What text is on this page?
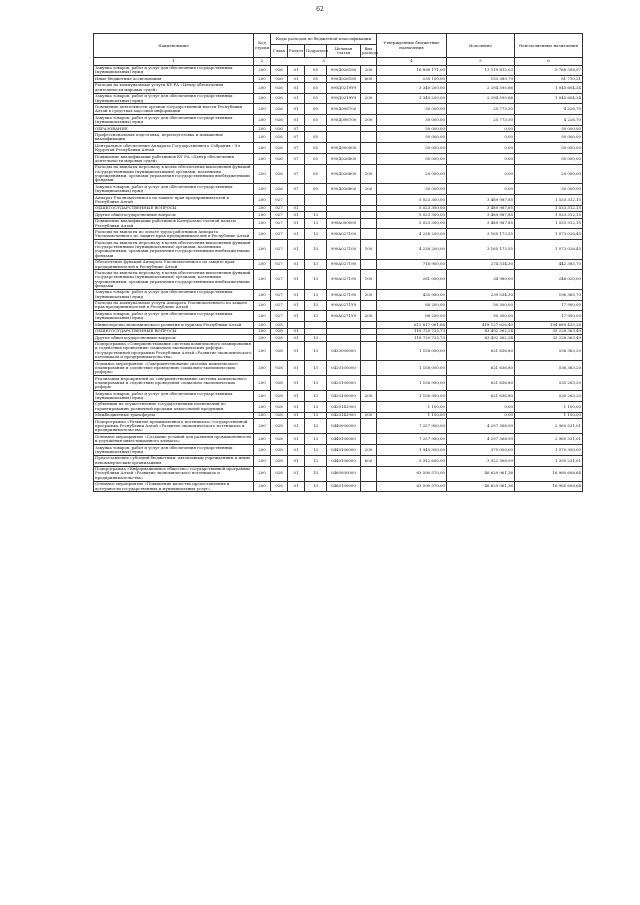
62
Наименование	Код строки	Коды расходов по бюджетной классификации					Утвержденные бюджетные назначения	Исполнено	Неисполненные назначения
		Глава	Раздел	Подраздел	Целевая статья	Вид расхода			
1	2	3					4	5	6
Закупка товаров, работ и услуг для обеспечения государственных (муниципальных) нужд	200	926	01	05	990Д026180	200	16 898 171,00	13 119 812,03	3 768 358,97
Иные бюджетные ассигнования	200	926	01	05	990Д026180	800	235 100,00	153 389,79	81 710,21
Расходы на коммунальные услуги КУ РА «Центр обеспечения деятельности мировых судей»	200	926	01	05	990Д0219У9		3 340 200,00	2 294 595,66	1 045 604,34
Закупка товаров, работ и услуг для обеспечения государственных (муниципальных) нужд	200	926	01	05	990Д0219У9	200	3 340 200,00	2 294 595,66	1 045 604,34
Освещение деятельности органов государственной власти Республики Алтай в средствах массовой информации	200	926	01	05	990Д098700		30 000,00	25 773,30	4 226,70
Закупка товаров, работ и услуг для обеспечения государственных (муниципальных) нужд	200	926	01	05	990Д098700	200	30 000,00	25 773,30	4 226,70
ОБРАЗОВАНИЕ	200	926	07				50 000,00	0,00	50 000,00
Профессиональная подготовка, переподготовка и повышение квалификации	200	926	07	05			50 000,00	0,00	50 000,00
Центральное обеспечение Аппарата Государственного Собрания - Эл Курултай Республики Алтай	200	926	07	05	990Д000000		50 000,00	0,00	50 000,00
Повышение квалификации работников КУ РА «Центр обеспечения деятельности мировых судей»	200	926	07	05	990Д026800		50 000,00	0,00	50 000,00
Расходы на выплаты персоналу в целях обеспечения выполнения функций государственными (муниципальными) органами, казенными учреждениями, органами управления государственными внебюджетными фондами	200	926	07	05	990Д026800	100	20 000,00	0,00	20 000,00
Закупка товаров, работ и услуг для обеспечения государственных (муниципальных) нужд	200	926	07	05	990Д026800	200	30 000,00	0,00	30 000,00
Аппарат Уполномоченного по защите прав предпринимателей в Республике Алтай	200	927					5 023 300,00	3 489 987,85	1 533 312,15
ОБЩЕГОСУДАРСТВЕННЫЕ ВОПРОСЫ	200	927	01				5 023 300,00	3 489 987,85	1 533 312,15
Другие общегосударственные вопросы	200	927	01	13			5 023 300,00	3 489 987,85	1 533 312,15
Повышение квалификации работников Контрольно-счетной палаты Республики Алтай	200	927	01	13	990А000000		5 023 300,00	3 489 987,85	1 533 312,15
Расходы на выплаты по оплате труда работников Аппарата Уполномоченного по защите прав предпринимателей в Республике Алтай	200	927	01	13	990А027100		4 238 200,00	3 165 173,55	1 073 026,45
Расходы на выплаты персоналу в целях обеспечения выполнения функций государственными (муниципальными) органами, казенными учреждениями, органами управления государственными внебюджетными фондами	200	927	01	13	990А027100	100	4 238 200,00	3 165 173,55	1 073 026,45
Обеспечение функций Аппарата Уполномоченного по защите прав предпринимателей в Республике Алтай	200	927	01	13	990А027190		716 900,00	274 514,30	442 385,70
Расходы на выплаты персоналу в целях обеспечения выполнения функций государственными (муниципальными) органами, казенными учреждениями, органами управления государственными внебюджетными фондами	200	927	01	13	990А027190	100	281 000,00	34 980,00	246 020,00
Закупка товаров, работ и услуг для обеспечения государственных (муниципальных) нужд	200	927	01	13	990А027190	200	435 900,00	239 534,30	196 365,70
Расходы на коммунальные услуги Аппарата Уполномоченного по защите прав предпринимателей в Республике Алтай	200	927	01	13	990А0271У9		68 200,00	50 300,00	17 900,00
Закупка товаров, работ и услуг для обеспечения государственных (муниципальных) нужд	200	927	01	13	990А0271У9	200	68 200,00	50 300,00	17 900,00
Министерство экономического развития и туризма Республики Алтай	200	928					612 817 061,66	418 127 626,40	194 689 435,26
ОБЩЕГОСУДАРСТВЕННЫЕ ВОПРОСЫ	200	928	01				118 720 725,73	83 492 362,24	35 228 363,49
Другие общегосударственные вопросы	200	928	01	13			118 720 725,73	83 492 362,24	35 228 363,49
Подпрограмма «Совершенствование системы комплексного планирования и содействие проведению социально-экономических реформ» государственной программы Республики Алтай «Развитие экономического потенциала и предпринимательства»	200	928	01	13	0420000000		1 158 000,00	621 636,80	536 363,20
Основное мероприятие «Совершенствование системы комплексного планирования и содействие проведению социально-экономических реформ»	200	928	01	13	0420100000		1 158 000,00	621 636,80	536 363,20
Реализация мероприятий по совершенствованию системы комплексного планирования и содействию проведения социально-экономических реформ	200	928	01	13	0420100000		1 156 900,00	621 636,80	535 263,20
Закупка товаров, работ и услуг для обеспечения государственных (муниципальных) нужд	200	928	01	13	0420100000	200	1 156 900,00	621 636,80	535 263,20
Субвенции на осуществление государственных полномочий по гарантированию розничной продажи алкогольной продукции	200	928	01	13	0420142900		1 100,00	0,00	1 100,00
Межбюджетные трансферты	200	928	01	13	0420142900	500	1 100,00	0,00	1 100,00
Подпрограмма «Развитие промышленного потенциала» государственной программы Республики Алтай «Развитие экономического потенциала и предпринимательства»	200	928	01	13	0440000000		7 257 900,00	4 297 368,99	2 960 531,01
Основное мероприятие «Создание условий для развития промышленности и улучшения инвестиционного климата»	200	928	01	13	0440100000		7 257 900,00	4 297 368,99	2 960 531,01
Закупка товаров, работ и услуг для обеспечения государственных (муниципальных) нужд	200	928	01	13	0440100000	200	1 945 300,00	375 000,00	1 570 300,00
Предоставление субсидий бюджетным, автономным учреждениям и иным некоммерческим организациям	200	928	01	13	0440100000	600	5 312 600,00	3 922 368,99	1 390 231,01
Подпрограмма «Информационное общество» государственной программы Республики Алтай «Развитие экономического потенциала и предпринимательства»	200	928	01	13	0460000000		63 590 570,00	46 629 961,36	16 960 608,64
Основное мероприятие «Повышение качества предоставления и доступности государственных и муниципальных услуг»	200	928	01	13	0460100000		63 590 570,00	46 629 961,36	16 960 608,64
